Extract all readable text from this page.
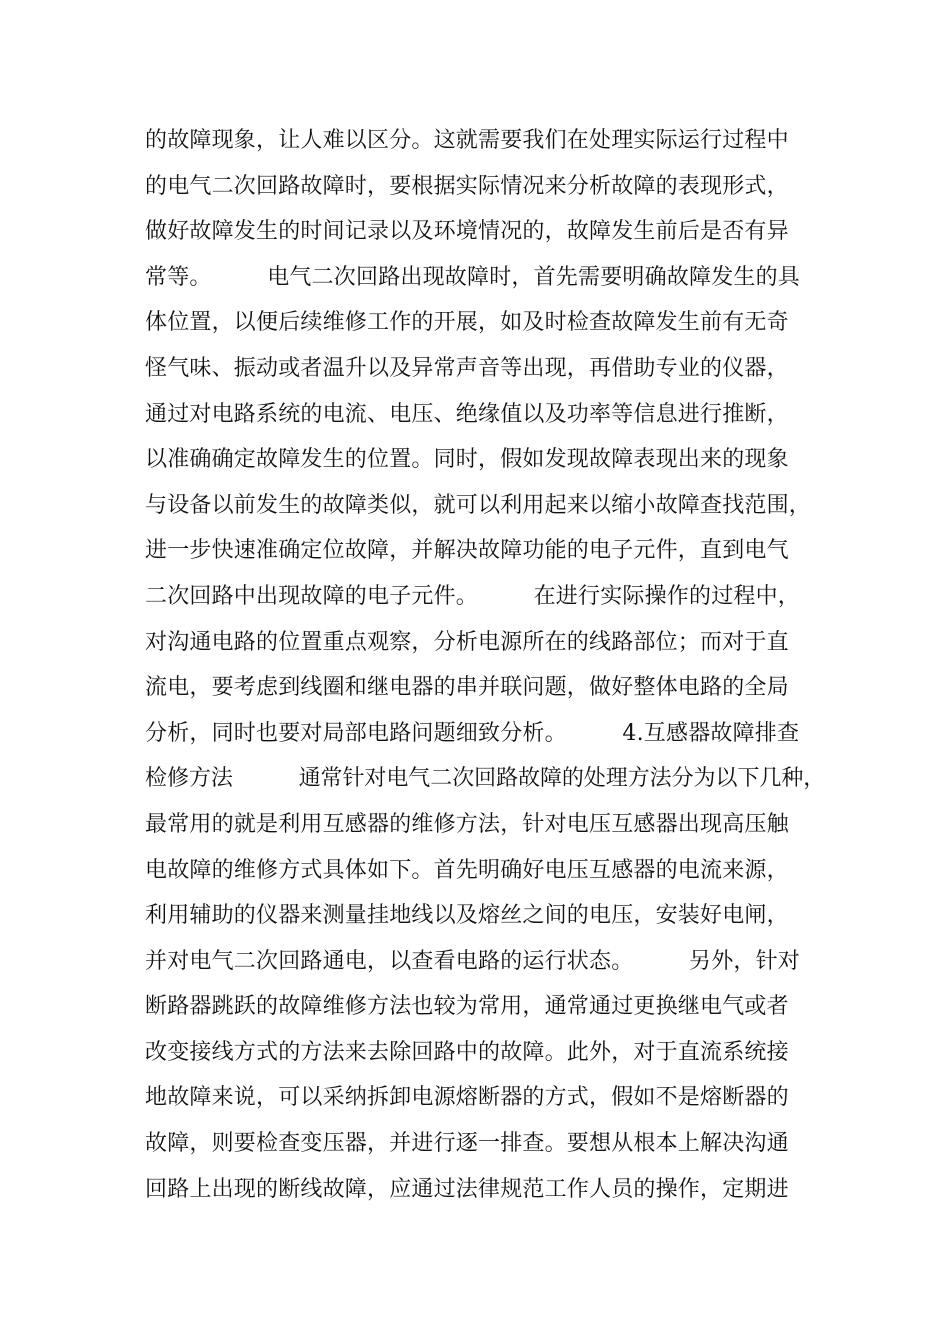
的故障现象，让人难以区分。这就需要我们在处理实际运行过程中
的电气二次回路故障时，要根据实际情况来分析故障的表现形式，
做好故障发生的时间记录以及环境情况的，故障发生前后是否有异
常等。　　　电气二次回路出现故障时，首先需要明确故障发生的具
体位置，以便后续维修工作的开展，如及时检查故障发生前有无奇
怪气味、振动或者温升以及异常声音等出现，再借助专业的仪器，
通过对电路系统的电流、电压、绝缘值以及功率等信息进行推断，
以准确确定故障发生的位置。同时，假如发现故障表现出来的现象
与设备以前发生的故障类似，就可以利用起来以缩小故障查找范围，
进一步快速准确定位故障，并解决故障功能的电子元件，直到电气
二次回路中出现故障的电子元件。　　　在进行实际操作的过程中，
对沟通电路的位置重点观察，分析电源所在的线路部位；而对于直
流电，要考虑到线圈和继电器的串并联问题，做好整体电路的全局
分析，同时也要对局部电路问题细致分析。　　　4.互感器故障排查
检修方法　　　通常针对电气二次回路故障的处理方法分为以下几种，
最常用的就是利用互感器的维修方法，针对电压互感器出现高压触
电故障的维修方式具体如下。首先明确好电压互感器的电流来源，
利用辅助的仪器来测量挂地线以及熔丝之间的电压，安装好电闸，
并对电气二次回路通电，以查看电路的运行状态。　　　另外，针对
断路器跳跃的故障维修方法也较为常用，通常通过更换继电气或者
改变接线方式的方法来去除回路中的故障。此外，对于直流系统接
地故障来说，可以采纳拆卸电源熔断器的方式，假如不是熔断器的
故障，则要检查变压器，并进行逐一排查。要想从根本上解决沟通
回路上出现的断线故障，应通过法律规范工作人员的操作，定期进
